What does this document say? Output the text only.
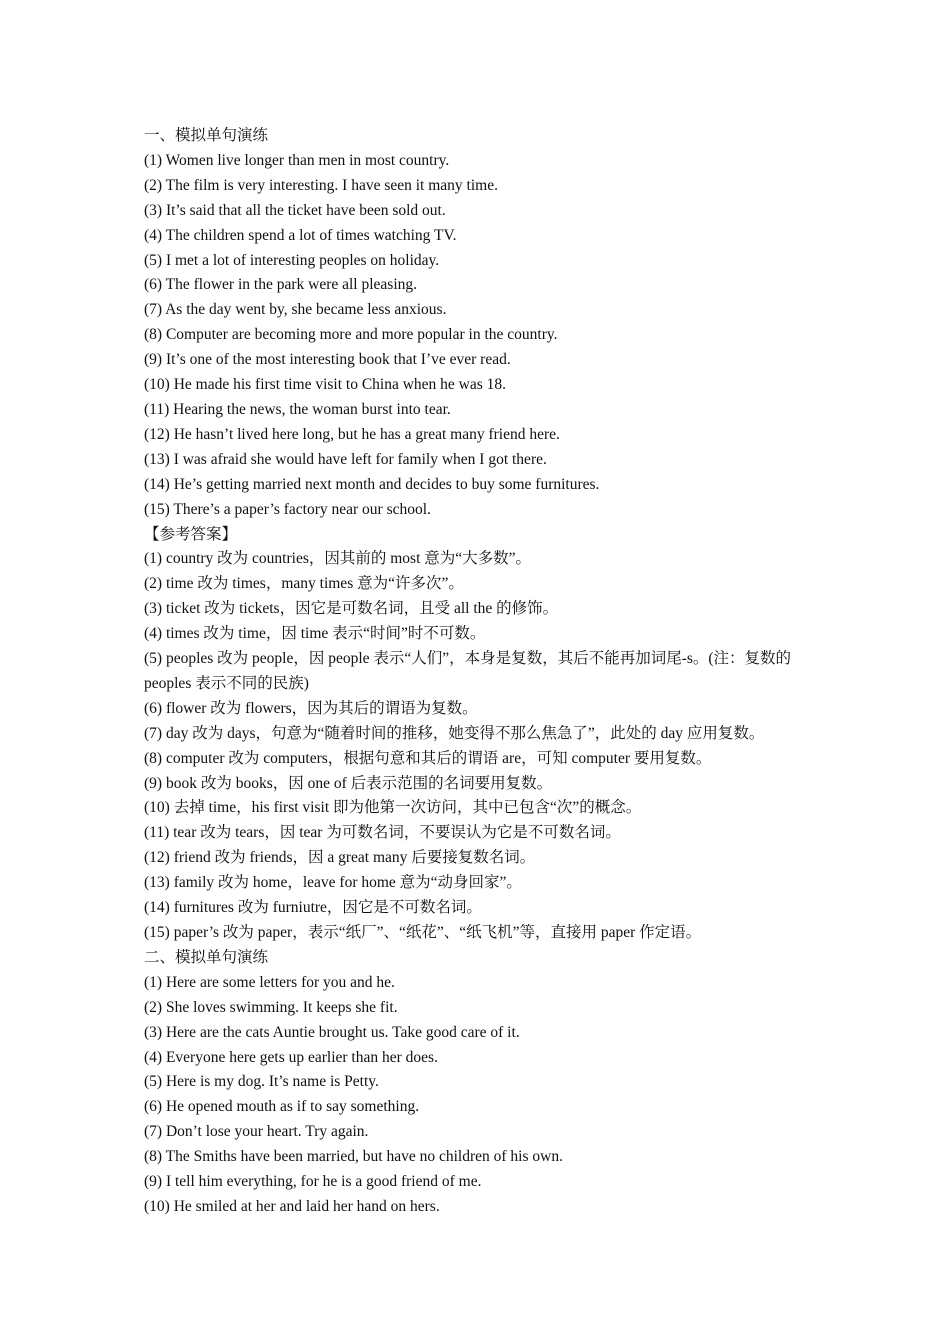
一、模拟单句演练

(1) Women live longer than men in most country.

(2) The film is very interesting. I have seen it many time.

(3) It’s said that all the ticket have been sold out.

(4) The children spend a lot of times watching TV.

(5) I met a lot of interesting peoples on holiday.

(6) The flower in the park were all pleasing.

(7) As the day went by, she became less anxious.

(8) Computer are becoming more and more popular in the country.

(9) It’s one of the most interesting book that I’ve ever read.

(10) He made his first time visit to China when he was 18.

(11) Hearing the news, the woman burst into tear.

(12) He hasn’t lived here long, but he has a great many friend here.

(13) I was afraid she would have left for family when I got there.

(14) He’s getting married next month and decides to buy some furnitures.

(15) There’s a paper’s factory near our school.

【参考答案】

(1) country 改为 countries，因其前的 most 意为“大多数”。

(2) time 改为 times，many times 意为“许多次”。

(3) ticket 改为 tickets，因它是可数名词，且受 all the 的修饰。

(4) times 改为 time，因 time 表示“时间”时不可数。

(5) peoples 改为 people，因 people 表示“人们”，本身是复数，其后不能再加词尾-s。(注：复数的 peoples 表示不同的民族)

(6) flower 改为 flowers，因为其后的谓语为复数。

(7) day 改为 days，句意为“随着时间的推移，她变得不那么焦急了”，此处的 day 应用复数。

(8) computer 改为 computers，根据句意和其后的谓语 are，可知 computer 要用复数。

(9) book 改为 books，因 one of 后表示范围的名词要用复数。

(10) 去掉 time，his first visit 即为他第一次访问，其中已包含“次”的概念。

(11) tear 改为 tears，因 tear 为可数名词，不要误认为它是不可数名词。

(12) friend 改为 friends，因 a great many 后要接复数名词。

(13) family 改为 home，leave for home 意为“动身回家”。

(14) furnitures 改为 furniutre，因它是不可数名词。

(15) paper’s 改为 paper，表示“纸厂”、“纸花”、“纸飞机”等，直接用 paper 作定语。

二、模拟单句演练

(1) Here are some letters for you and he.

(2) She loves swimming. It keeps she fit.

(3) Here are the cats Auntie brought us. Take good care of it.

(4) Everyone here gets up earlier than her does.

(5) Here is my dog. It’s name is Petty.

(6) He opened mouth as if to say something.

(7) Don’t lose your heart. Try again.

(8) The Smiths have been married, but have no children of his own.

(9) I tell him everything, for he is a good friend of me.

(10) He smiled at her and laid her hand on hers.
